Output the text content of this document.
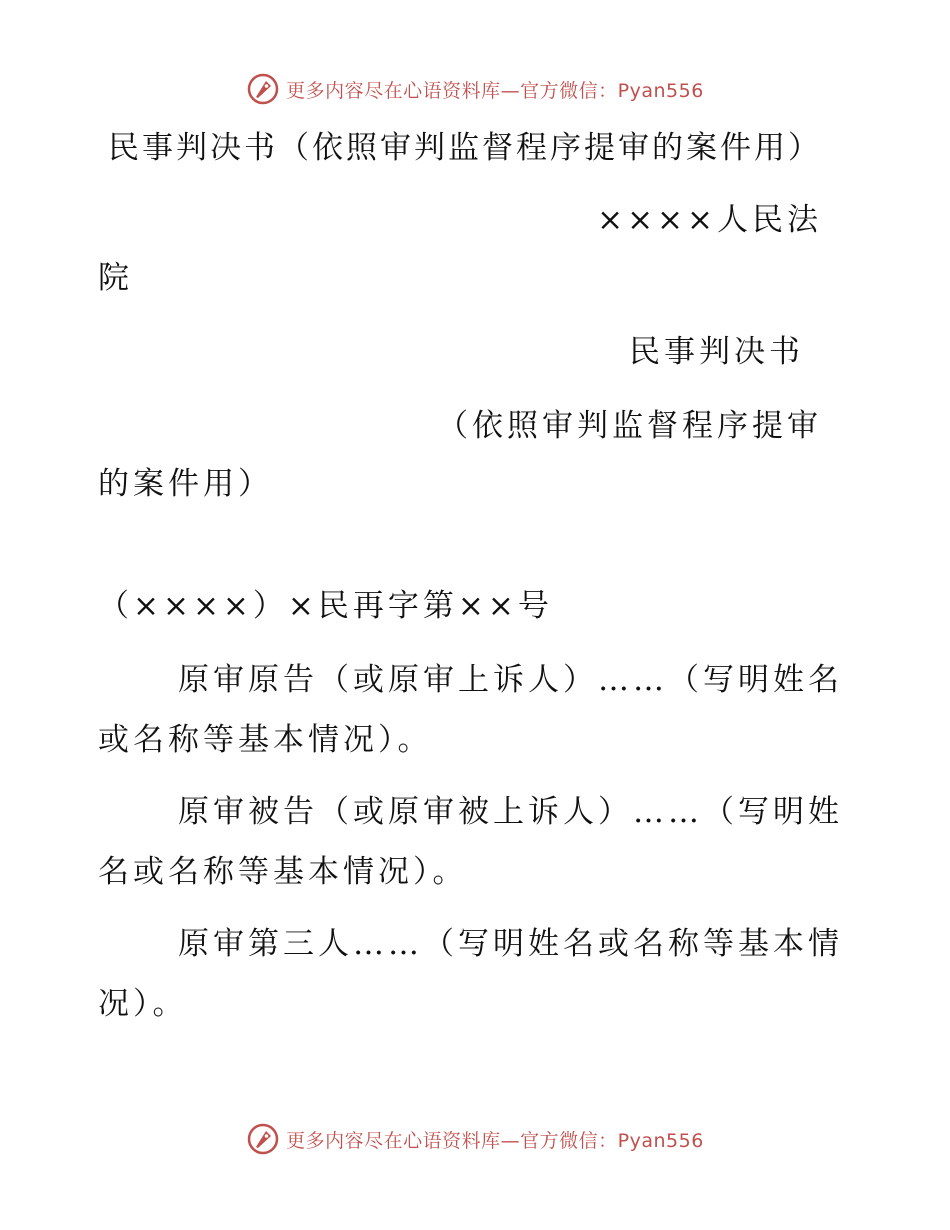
更多内容尽在心语资料库—官方微信：Pyan556
民事判决书（依照审判监督程序提审的案件用）
××××人民法
院
民事判决书
（依照审判监督程序提审
的案件用）
（××××）×民再字第××号
原审原告（或原审上诉人）……（写明姓名
或名称等基本情况）。
原审被告（或原审被上诉人）……（写明姓
名或名称等基本情况）。
原审第三人……（写明姓名或名称等基本情
况）。
更多内容尽在心语资料库—官方微信：Pyan556
